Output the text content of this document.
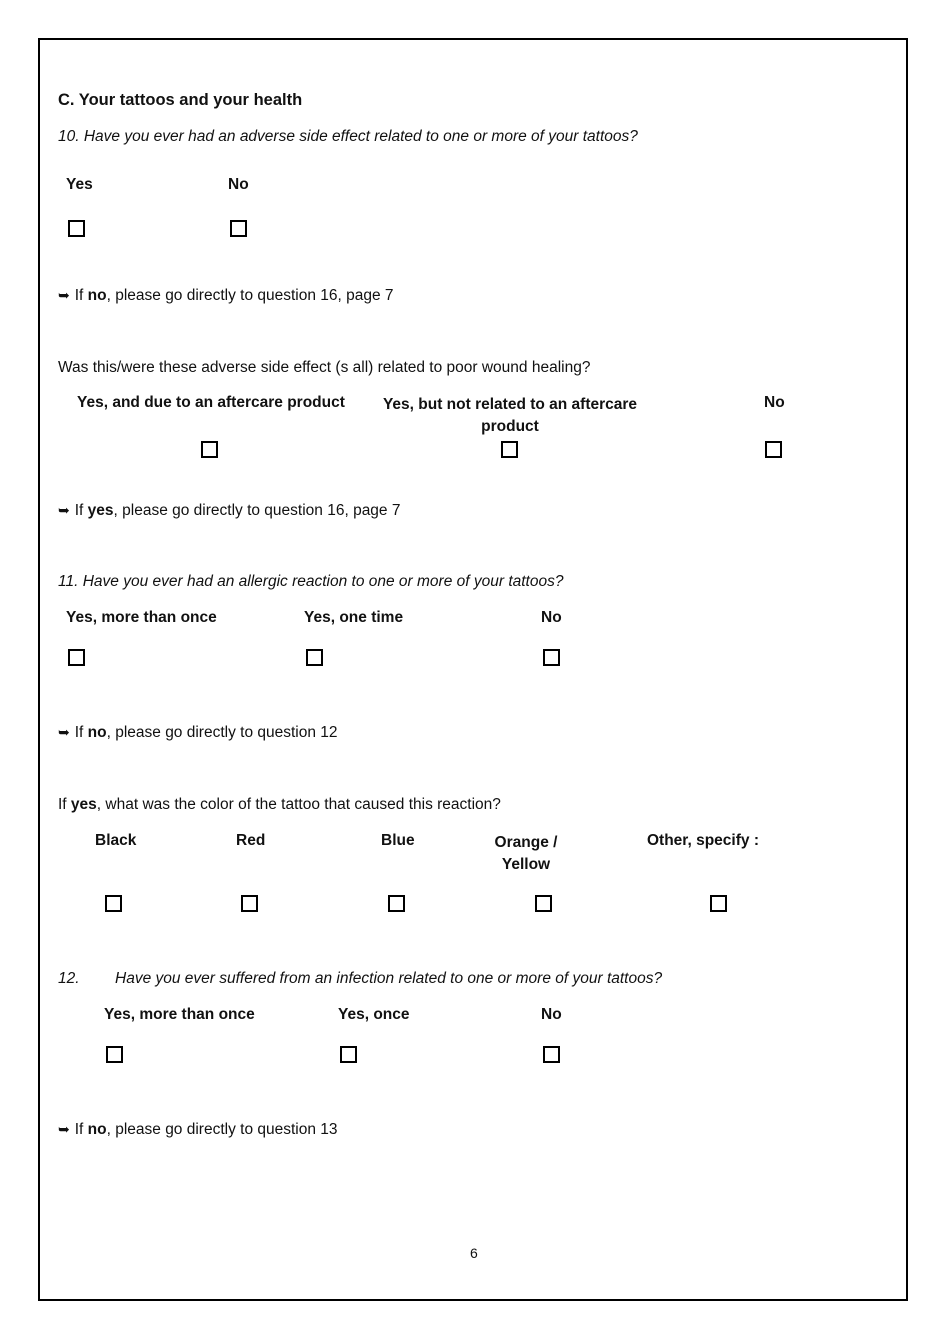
C. Your tattoos and your health
10. Have you ever had an adverse side effect related to one or more of your tattoos?
Yes	No
➥ If no, please go directly to question 16, page 7
Was this/were these adverse side effect (s all) related to poor wound healing?
Yes, and due to an aftercare product	Yes, but not related to an aftercare product
No
➥ If yes, please go directly to question 16, page 7
11. Have you ever had an allergic reaction to one or more of your tattoos?
Yes, more than once	Yes, one time	No
➥ If no, please go directly to question 12
If yes, what was the color of the tattoo that caused this reaction?
Black	Red	Blue	Orange / Yellow
Other, specify :
12. Have you ever suffered from an infection related to one or more of your tattoos?
Yes, more than once	Yes, once	No
➥ If no, please go directly to question 13
6
